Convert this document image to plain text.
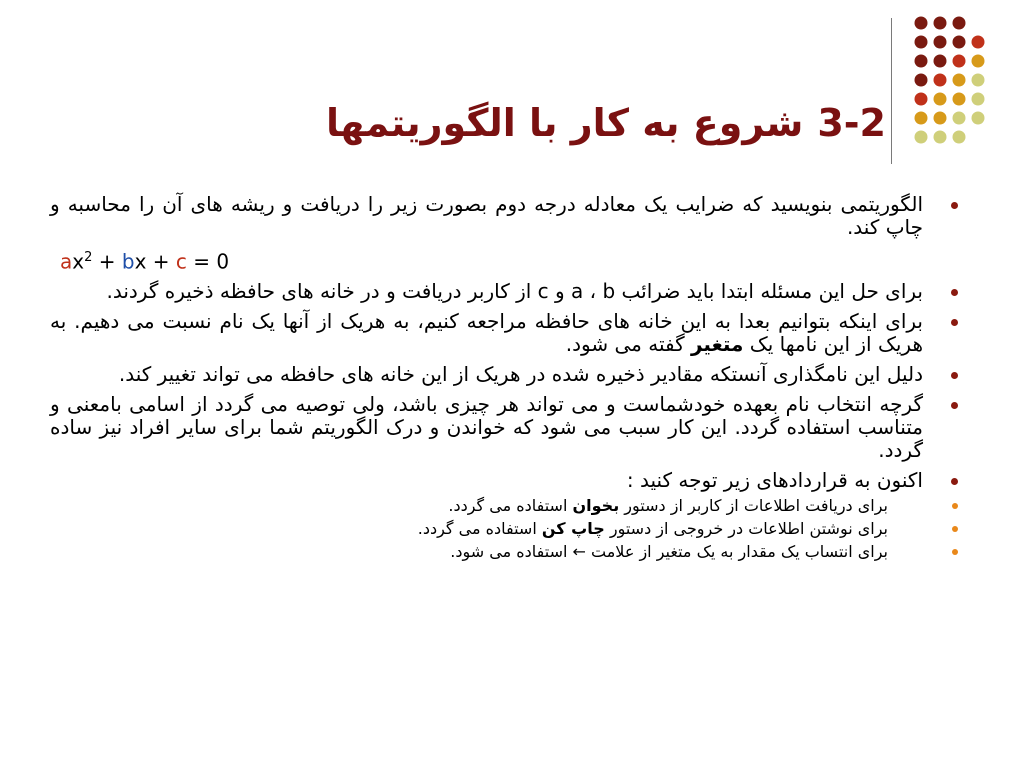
3-2شروع به کار با الگوریتمها
الگوریتمی بنویسید که ضرایب یک معادله درجه دوم بصورت زیر را دریافت و ریشه های آن را محاسبه و چاپ کند.
$ax^2$ + bx + c = 0
برای حل این مسئله ابتدا باید ضرائب a ، b و c از کاربر دریافت و در خانه های حافظه ذخیره گردند.
برای اینکه بتوانیم بعدا به این خانه های حافظه مراجعه کنیم، به هریک از آنها یک نام نسبت می دهیم. به هریک از این نامها یک متغیر گفته می شود.
دلیل این نامگذاری آنستکه مقادیر ذخیره شده در هریک از این خانه های حافظه می تواند تغییر کند.
گرچه انتخاب نام بعهده خودشماست و می تواند هر چیزی باشد، ولی توصیه می گردد از اسامی بامعنی و متناسب استفاده گردد. این کار سبب می شود که خواندن و درک الگوریتم شما برای سایر افراد نیز ساده گردد.
اکنون به قراردادهای زیر توجه کنید :
برای دریافت اطلاعات از کاربر از دستور بخوان استفاده می گردد.
برای نوشتن اطلاعات در خروجی از دستور چاپ کن استفاده می گردد.
برای انتساب یک مقدار به یک متغیر از علامت ← استفاده می شود.
